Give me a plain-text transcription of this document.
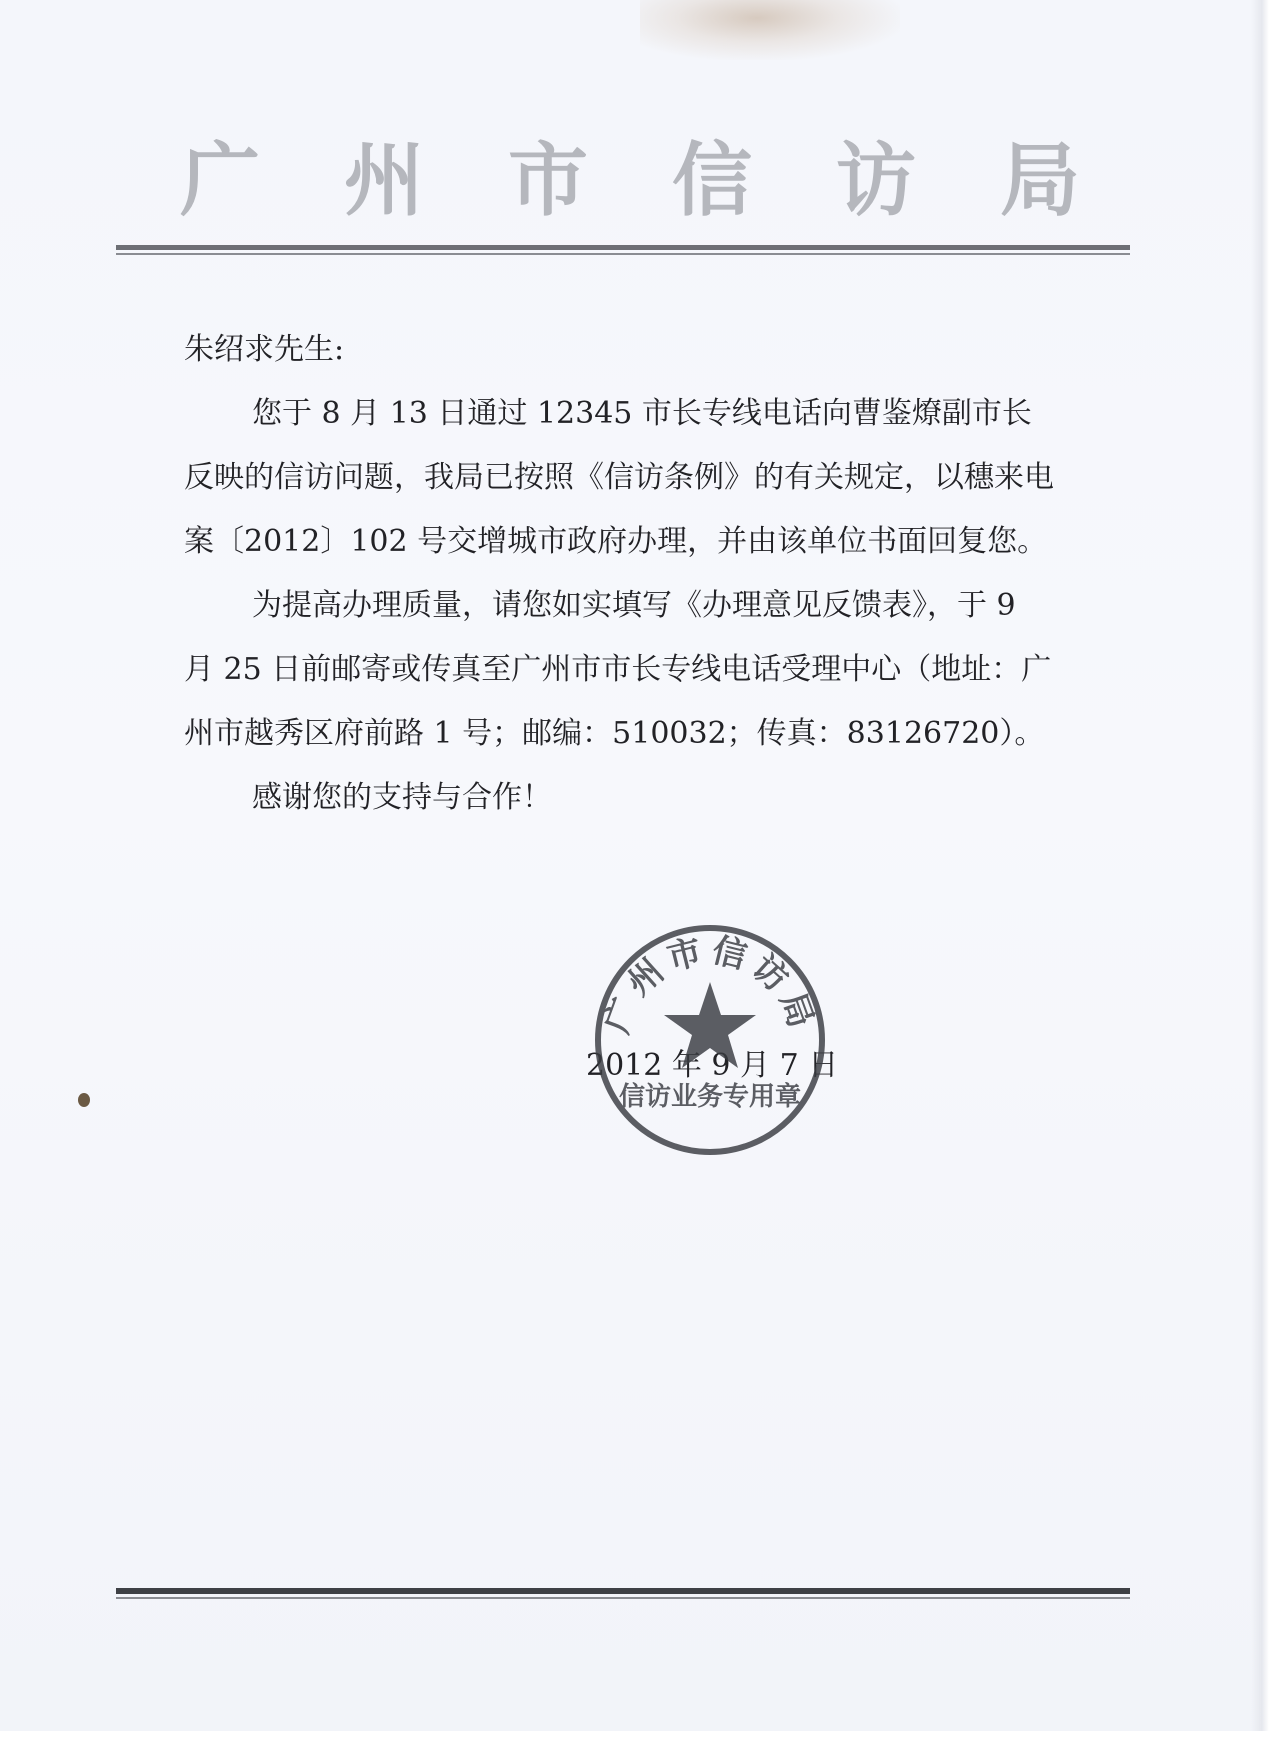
广 州 市 信 访 局

朱绍求先生:

您于 8 月 13 日通过 12345 市长专线电话向曹鉴燎副市长反映的信访问题，我局已按照《信访条例》的有关规定，以穗来电案〔2012〕102 号交增城市政府办理，并由该单位书面回复您。

为提高办理质量，请您如实填写《办理意见反馈表》，于 9 月 25 日前邮寄或传真至广州市市长专线电话受理中心（地址：广州市越秀区府前路 1 号；邮编：510032；传真：83126720）。

感谢您的支持与合作！

2012 年 9 月 7 日
广州市信访局
信访业务专用章
